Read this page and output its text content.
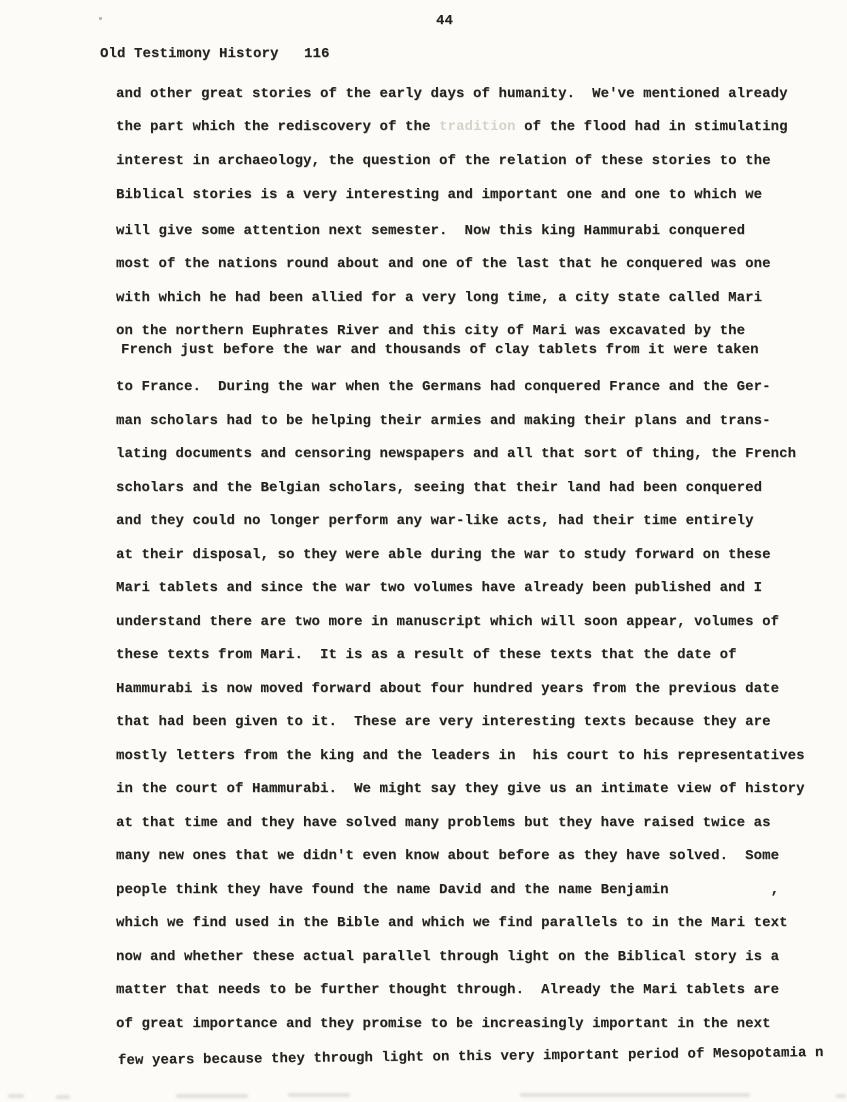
44
Old Testimony History   116
and other great stories of the early days of humanity.  We've mentioned already
the part which the rediscovery of the tradition of the flood had in stimulating
interest in archaeology, the question of the relation of these stories to the
Biblical stories is a very interesting and important one and one to which we
will give some attention next semester.  Now this king Hammurabi conquered
most of the nations round about and one of the last that he conquered was one
with which he had been allied for a very long time, a city state called Mari
on the northern Euphrates River and this city of Mari was excavated by the
French just before the war and thousands of clay tablets from it were taken
to France.  During the war when the Germans had conquered France and the Ger-
man scholars had to be helping their armies and making their plans and trans-
lating documents and censoring newspapers and all that sort of thing, the French
scholars and the Belgian scholars, seeing that their land had been conquered
and they could no longer perform any war-like acts, had their time entirely
at their disposal, so they were able during the war to study forward on these
Mari tablets and since the war two volumes have already been published and I
understand there are two more in manuscript which will soon appear, volumes of
these texts from Mari.  It is as a result of these texts that the date of
Hammurabi is now moved forward about four hundred years from the previous date
that had been given to it.  These are very interesting texts because they are
mostly letters from the king and the leaders in  his court to his representatives
in the court of Hammurabi.  We might say they give us an intimate view of history
at that time and they have solved many problems but they have raised twice as
many new ones that we didn't even know about before as they have solved.  Some
people think they have found the name David and the name Benjamin            ,
which we find used in the Bible and which we find parallels to in the Mari text
now and whether these actual parallel through light on the Biblical story is a
matter that needs to be further thought through.  Already the Mari tablets are
of great importance and they promise to be increasingly important in the next
few years because they through light on this very important period of Mesopotamia n
